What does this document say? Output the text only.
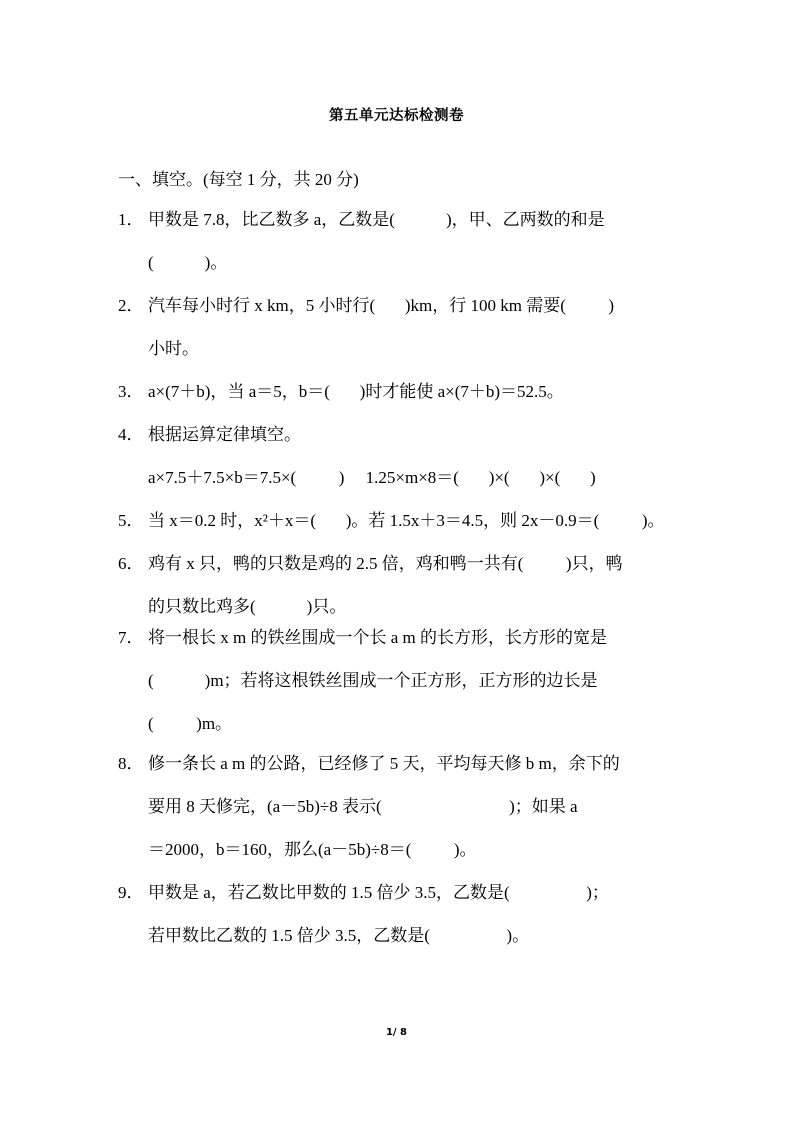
第五单元达标检测卷
一、填空。(每空 1 分，共 20 分)
1． 甲数是 7.8，比乙数多 a，乙数是(            )，甲、乙两数的和是
(            )。
2． 汽车每小时行 x km，5 小时行(       )km，行 100 km 需要(          )
小时。
3． a×(7＋b)，当 a＝5，b＝(       )时才能使 a×(7＋b)＝52.5。
4． 根据运算定律填空。
a×7.5＋7.5×b＝7.5×(          )     1.25×m×8＝(       )×(       )×(       )
5． 当 x＝0.2 时，x²＋x＝(       )。若 1.5x＋3＝4.5，则 2x－0.9＝(          )。
6． 鸡有 x 只，鸭的只数是鸡的 2.5 倍，鸡和鸭一共有(          )只，鸭
的只数比鸡多(            )只。
7． 将一根长 x m 的铁丝围成一个长 a m 的长方形，长方形的宽是
(            )m；若将这根铁丝围成一个正方形，正方形的边长是
(          )m。
8． 修一条长 a m 的公路，已经修了 5 天，平均每天修 b m，余下的
要用 8 天修完，(a－5b)÷8 表示(                              )；如果 a
＝2000，b＝160，那么(a－5b)÷8＝(          )。
9． 甲数是 a，若乙数比甲数的 1.5 倍少 3.5，乙数是(                  )；
若甲数比乙数的 1.5 倍少 3.5，乙数是(                  )。
1/ 8
